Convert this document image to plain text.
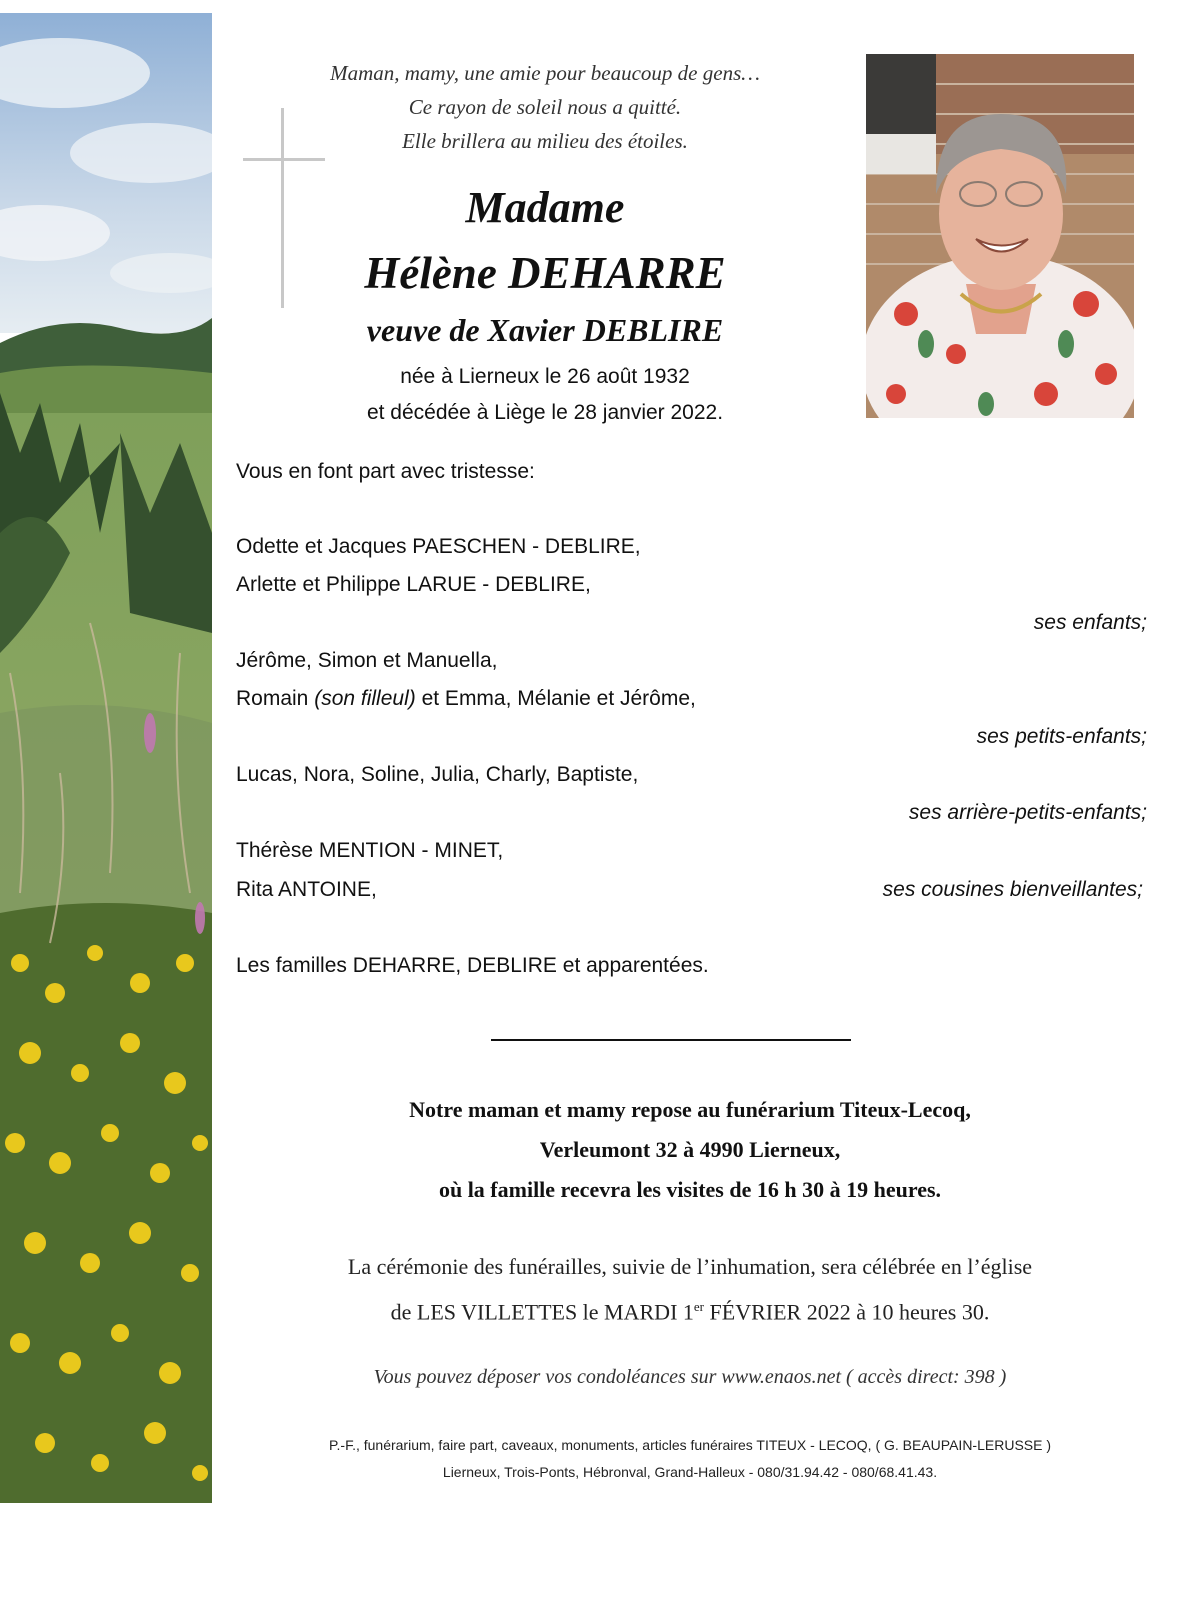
Maman, mamy, une amie pour beaucoup de gens…
Ce rayon de soleil nous a quitté.
Elle brillera au milieu des étoiles.
Madame
Hélène DEHARRE
veuve de Xavier DEBLIRE
née à Lierneux le 26 août 1932
et décédée à Liège le 28 janvier 2022.
Vous en font part avec tristesse:
Odette et Jacques PAESCHEN - DEBLIRE,
Arlette et Philippe LARUE - DEBLIRE,
ses enfants;
Jérôme, Simon et Manuella,
Romain (son filleul) et Emma, Mélanie et Jérôme,
ses petits-enfants;
Lucas, Nora, Soline, Julia, Charly, Baptiste,
ses arrière-petits-enfants;
Thérèse MENTION - MINET,
Rita ANTOINE,	ses cousines bienveillantes;
Les familles DEHARRE, DEBLIRE et apparentées.
Notre maman et mamy repose au funérarium Titeux-Lecoq,
Verleumont 32 à 4990 Lierneux,
où la famille recevra les visites de 16 h 30 à 19 heures.
La cérémonie des funérailles, suivie de l’inhumation, sera célébrée en l’église
de LES VILLETTES le MARDI 1er FÉVRIER 2022 à 10 heures 30.
Vous pouvez déposer vos condoléances sur www.enaos.net ( accès direct: 398 )
P.-F., funérarium, faire part, caveaux, monuments, articles funéraires TITEUX - LECOQ, ( G. BEAUPAIN-LERUSSE )
Lierneux, Trois-Ponts, Hébronval, Grand-Halleux - 080/31.94.42 - 080/68.41.43.
